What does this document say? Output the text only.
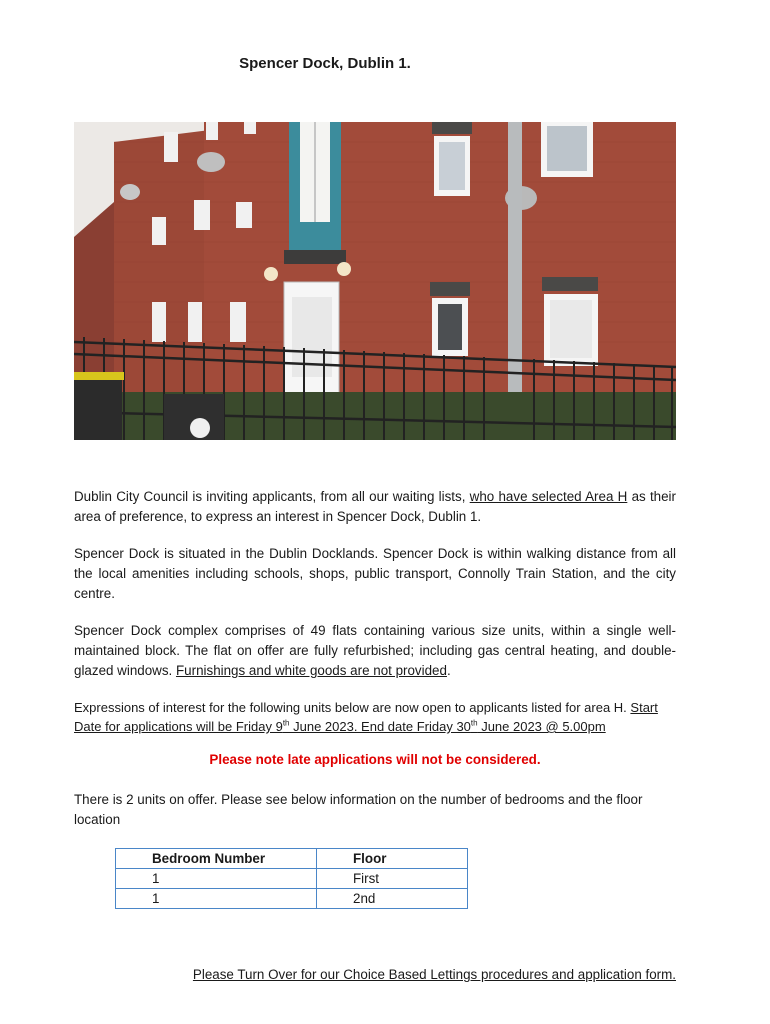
Spencer Dock, Dublin 1.
Dublin City Council is inviting applicants, from all our waiting lists, who have selected Area H as their area of preference, to express an interest in Spencer Dock, Dublin 1.
Spencer Dock is situated in the Dublin Docklands. Spencer Dock is within walking distance from all the local amenities including schools, shops, public transport, Connolly Train Station, and the city centre.
Spencer Dock complex comprises of 49 flats containing various size units, within a single well-maintained block. The flat on offer are fully refurbished; including gas central heating, and double-glazed windows. Furnishings and white goods are not provided.
Expressions of interest for the following units below are now open to applicants listed for area H. Start Date for applications will be Friday 9th June 2023. End date Friday 30th June 2023 @ 5.00pm
Please note late applications will not be considered.
There is 2 units on offer. Please see below information on the number of bedrooms and the floor location
Bedroom Number	Floor
1	First
1	2nd
Please Turn Over for our Choice Based Lettings procedures and application form.
